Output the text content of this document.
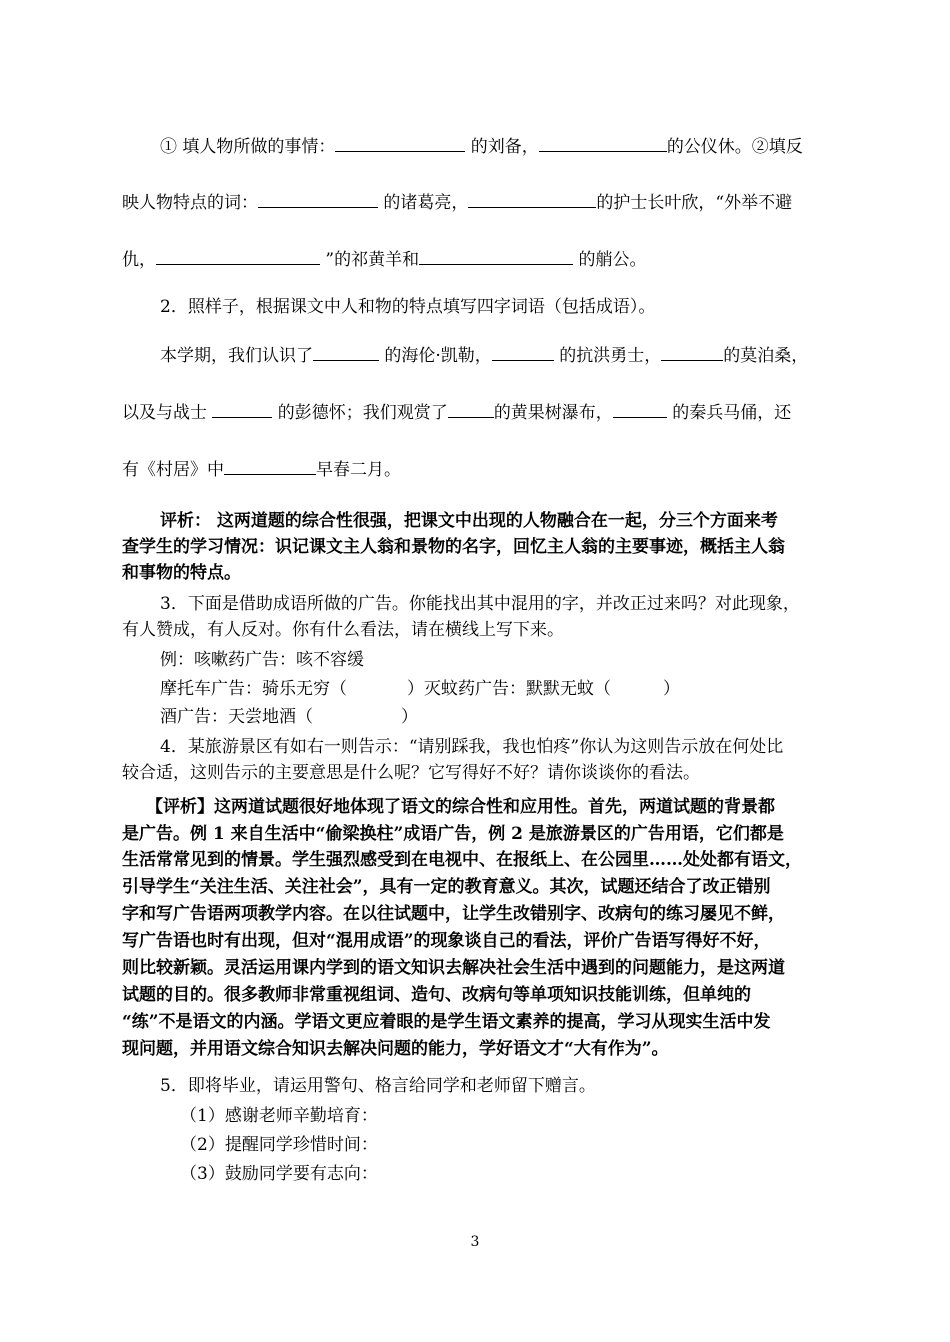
① 填人物所做的事情：	的刘备，	的公仪休。②填反
映人物特点的词：	的诸葛亮，	的护士长叶欣，“外举不避
仇，	”的祁黄羊和	的艄公。
2．照样子，根据课文中人和物的特点填写四字词语（包括成语）。
本学期，我们认识了	的海伦·凯勒，	的抗洪勇士，	的莫泊桑，
以及与战士	的彭德怀；我们观赏了	的黄果树瀑布，	的秦兵马俑，还
有《村居》中	早春二月。
评析： 这两道题的综合性很强，把课文中出现的人物融合在一起，分三个方面来考
查学生的学习情况：识记课文主人翁和景物的名字，回忆主人翁的主要事迹，概括主人翁
和事物的特点。
3．下面是借助成语所做的广告。你能找出其中混用的字，并改正过来吗？对此现象，
有人赞成，有人反对。你有什么看法，请在横线上写下来。
例：咳嗽药广告：咳不容缓
摩托车广告：骑乐无穷（	）灭蚊药广告：默默无蚊（	）
酒广告：天尝地酒（	）
4．某旅游景区有如右一则告示：“请别踩我，我也怕疼”你认为这则告示放在何处比
较合适，这则告示的主要意思是什么呢？它写得好不好？请你谈谈你的看法。
【评析】这两道试题很好地体现了语文的综合性和应用性。首先，两道试题的背景都
是广告。例 1 来自生活中“偷梁换柱”成语广告，例 2 是旅游景区的广告用语，它们都是
生活常常见到的情景。学生强烈感受到在电视中、在报纸上、在公园里……处处都有语文，
引导学生“关注生活、关注社会”，具有一定的教育意义。其次，试题还结合了改正错别
字和写广告语两项教学内容。在以往试题中，让学生改错别字、改病句的练习屡见不鲜，
写广告语也时有出现，但对“混用成语”的现象谈自己的看法，评价广告语写得好不好，
则比较新颖。灵活运用课内学到的语文知识去解决社会生活中遇到的问题能力，是这两道
试题的目的。很多教师非常重视组词、造句、改病句等单项知识技能训练，但单纯的
“练”不是语文的内涵。学语文更应着眼的是学生语文素养的提高，学习从现实生活中发
现问题，并用语文综合知识去解决问题的能力，学好语文才“大有作为”。
5．即将毕业，请运用警句、格言给同学和老师留下赠言。
（1）感谢老师辛勤培育：
（2）提醒同学珍惜时间：
（3）鼓励同学要有志向：
3
